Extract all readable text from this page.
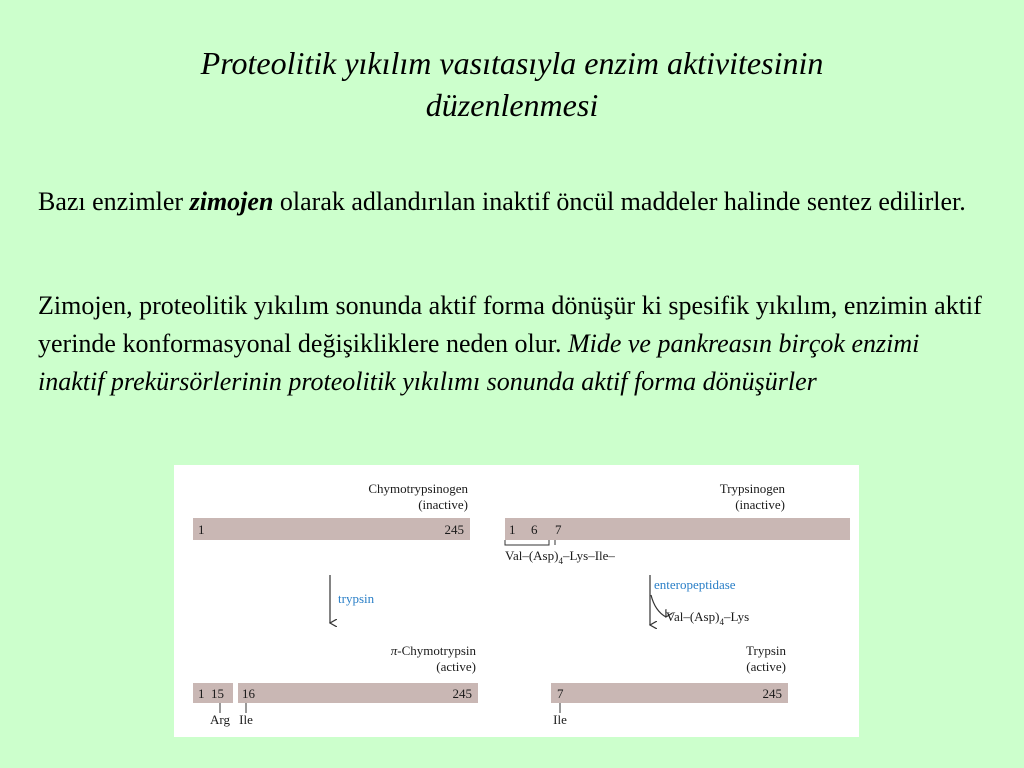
Proteolitik yıkılım vasıtasıyla enzim aktivitesinin
düzenlenmesi
Bazı enzimler zimojen olarak adlandırılan inaktif öncül maddeler halinde sentez edilirler.
Zimojen, proteolitik yıkılım sonunda aktif forma dönüşür ki spesifik yıkılım, enzimin aktif yerinde konformasyonal değişikliklere neden olur. Mide ve pankreasın birçok enzimi inaktif prekürsörlerinin proteolitik yıkılımı sonunda aktif forma dönüşürler
Chymotrypsinogen
(inactive)
1	245
trypsin
π-Chymotrypsin
(active)
1 15 16	245
Arg Ile
Trypsinogen
(inactive)
1 6 7
Val–$(Asp)_4-Lys-Ile-$
enteropeptidase
Val–$(Asp)_4$–Lys
Trypsin
(active)
7	245
Ile
